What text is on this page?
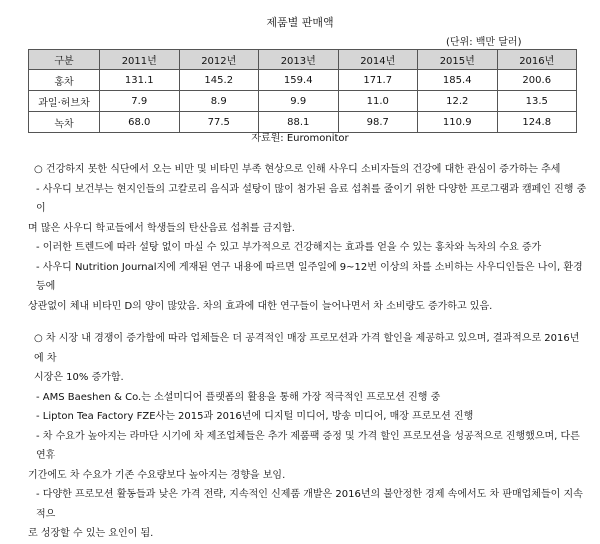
제품별 판매액
(단위: 백만 달러)
구분	2011년	2012년	2013년	2014년	2015년	2016년
홍차	131.1	145.2	159.4	171.7	185.4	200.6
과일·허브차	7.9	8.9	9.9	11.0	12.2	13.5
녹차	68.0	77.5	88.1	98.7	110.9	124.8
자료원: Euromonitor

○ 건강하지 못한 식단에서 오는 비만 및 비타민 부족 현상으로 인해 사우디 소비자들의 건강에 대한 관심이 증가하는 추세

- 사우디 보건부는 현지인들의 고칼로리 음식과 설탕이 많이 첨가된 음료 섭취를 줄이기 위한 다양한 프로그램과 캠페인 진행 중이

며 많은 사우디 학교들에서 학생들의 탄산음료 섭취를 금지함.

- 이러한 트렌드에 따라 설탕 없이 마실 수 있고 부가적으로 건강해지는 효과를 얻을 수 있는 홍차와 녹차의 수요 증가

- 사우디 Nutrition Journal지에 게재된 연구 내용에 따르면 일주일에 9~12번 이상의 차를 소비하는 사우디인들은 나이, 환경 등에

상관없이 체내 비타민 D의 양이 많았음. 차의 효과에 대한 연구들이 늘어나면서 차 소비량도 증가하고 있음.

○ 차 시장 내 경쟁이 증가함에 따라 업체들은 더 공격적인 매장 프로모션과 가격 할인을 제공하고 있으며, 결과적으로 2016년에 차

시장은 10% 증가함.

- AMS Baeshen & Co.는 소셜미디어 플랫폼의 활용을 통해 가장 적극적인 프로모션 진행 중

- Lipton Tea Factory FZE사는 2015과 2016년에 디지털 미디어, 방송 미디어, 매장 프로모션 진행

- 차 수요가 높아지는 라마단 시기에 차 제조업체들은 추가 제품팩 증정 및 가격 할인 프로모션을 성공적으로 진행했으며, 다른 연휴

기간에도 차 수요가 기존 수요량보다 높아지는 경향을 보임.

- 다양한 프로모션 활동들과 낮은 가격 전략, 지속적인 신제품 개발은 2016년의 불안정한 경제 속에서도 차 판매업체들이 지속적으

로 성장할 수 있는 요인이 됨.
